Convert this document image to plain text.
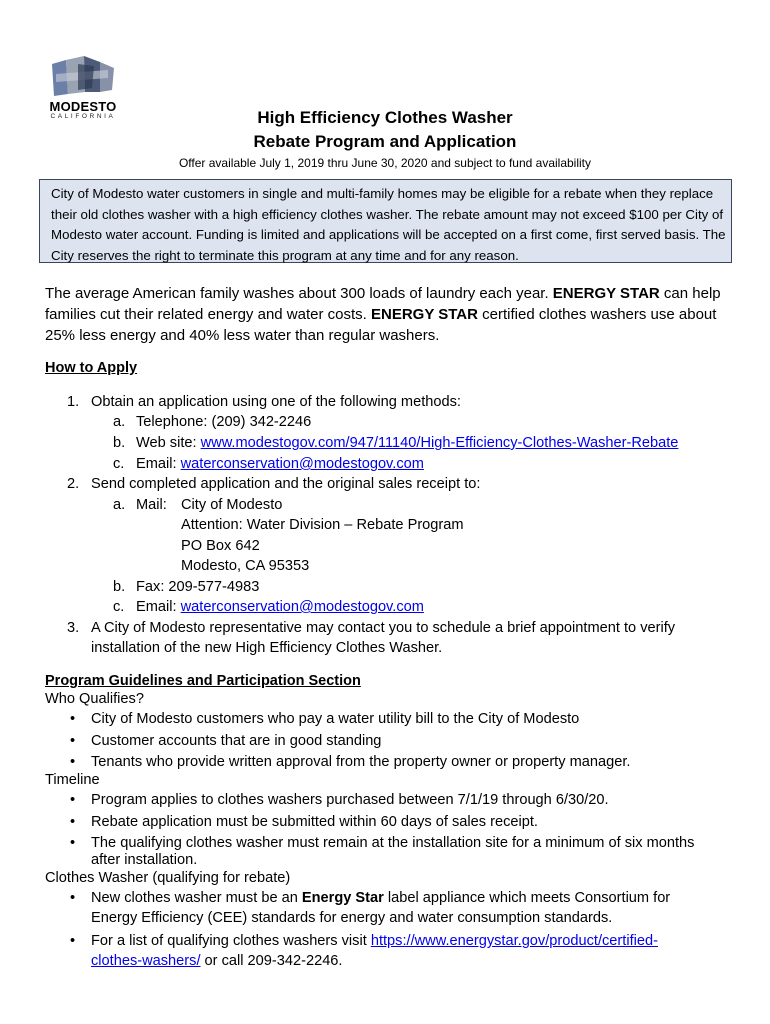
MODESTO
CALIFORNIA	High Efficiency Clothes Washer
Rebate Program and Application
Offer available July 1, 2019 thru June 30, 2020 and subject to fund availability

City of Modesto water customers in single and multi-family homes may be eligible for a rebate when they replace their old clothes washer with a high efficiency clothes washer. The rebate amount may not exceed $100 per City of Modesto water account. Funding is limited and applications will be accepted on a first come, first served basis. The City reserves the right to terminate this program at any time and for any reason.

The average American family washes about 300 loads of laundry each year. ENERGY STAR can help families cut their related energy and water costs. ENERGY STAR certified clothes washers use about 25% less energy and 40% less water than regular washers.
How to Apply
1. Obtain an application using one of the following methods:
a. Telephone: (209) 342-2246
b. Web site: www.modestogov.com/947/11140/High-Efficiency-Clothes-Washer-Rebate
c. Email: waterconservation@modestogov.com
2. Send completed application and the original sales receipt to:
a. Mail: City of Modesto
Attention: Water Division – Rebate Program
PO Box 642
Modesto, CA 95353
b. Fax: 209-577-4983
c. Email: waterconservation@modestogov.com
3. A City of Modesto representative may contact you to schedule a brief appointment to verify
installation of the new High Efficiency Clothes Washer.
Program Guidelines and Participation Section
Who Qualifies?
• City of Modesto customers who pay a water utility bill to the City of Modesto
• Customer accounts that are in good standing
• Tenants who provide written approval from the property owner or property manager.
Timeline
• Program applies to clothes washers purchased between 7/1/19 through 6/30/20.
• Rebate application must be submitted within 60 days of sales receipt.
• The qualifying clothes washer must remain at the installation site for a minimum of six months
after installation.
Clothes Washer (qualifying for rebate)
• New clothes washer must be an Energy Star label appliance which meets Consortium for
Energy Efficiency (CEE) standards for energy and water consumption standards.
• For a list of qualifying clothes washers visit https://www.energystar.gov/product/certified-
clothes-washers/ or call 209-342-2246.
